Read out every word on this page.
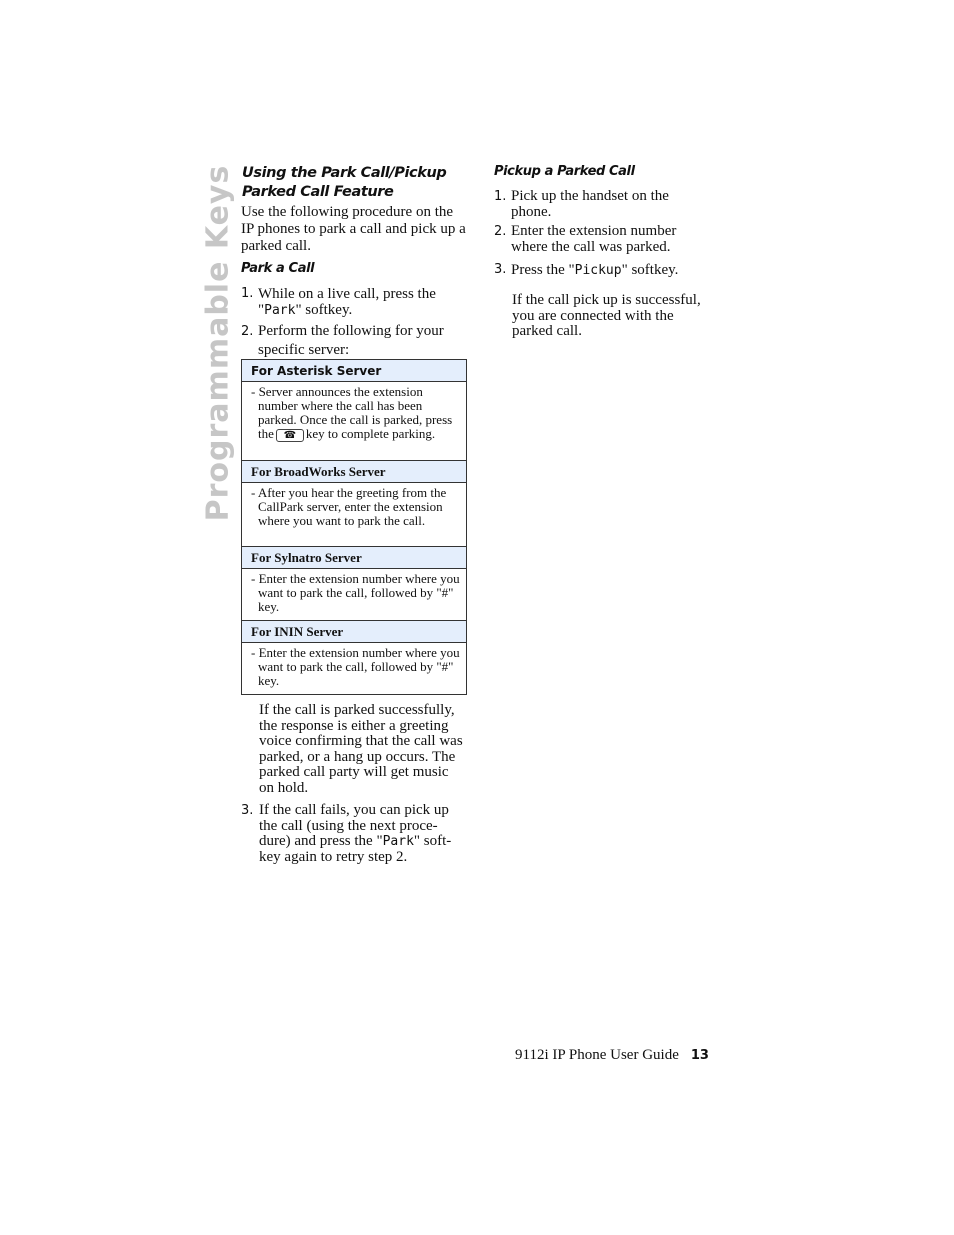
Programmable Keys Using the Park Call/Pickup Parked Call Feature
Use the following procedure on the IP phones to park a call and pick up a parked call.
Park a Call
1. While on a live call, press the "Park" softkey.
2. Perform the following for your specific server:
For Asterisk Server
- Server announces the extension number where the call has been parked. Once the call is parked, press the ☎ key to complete parking.
For BroadWorks Server
- After you hear the greeting from the CallPark server, enter the extension where you want to park the call.
For Sylnatro Server
- Enter the extension number where you want to park the call, followed by "#" key.
For ININ Server
- Enter the extension number where you want to park the call, followed by "#" key.
If the call is parked successfully, the response is either a greeting voice confirming that the call was parked, or a hang up occurs. The parked call party will get music on hold.
3. If the call fails, you can pick up the call (using the next proce-dure) and press the "Park" soft-key again to retry step 2.
Pickup a Parked Call
1. Pick up the handset on the phone.
2. Enter the extension number where the call was parked.
3. Press the "Pickup" softkey.
If the call pick up is successful, you are connected with the parked call.
9112i IP Phone User Guide 13
